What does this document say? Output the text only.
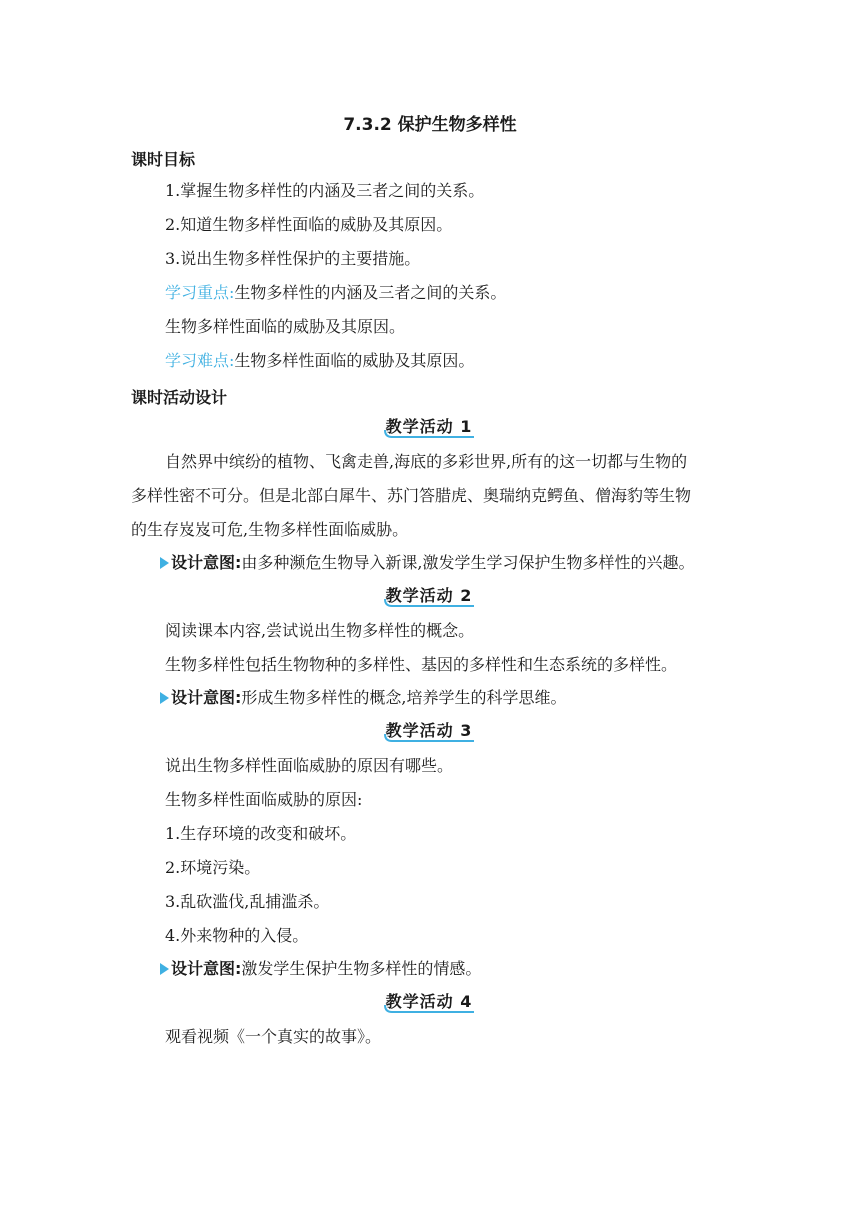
7.3.2 保护生物多样性
课时目标
1.掌握生物多样性的内涵及三者之间的关系。
2.知道生物多样性面临的威胁及其原因。
3.说出生物多样性保护的主要措施。
学习重点:生物多样性的内涵及三者之间的关系。
生物多样性面临的威胁及其原因。
学习难点:生物多样性面临的威胁及其原因。
课时活动设计
教学活动 1
自然界中缤纷的植物、飞禽走兽,海底的多彩世界,所有的这一切都与生物的
多样性密不可分。但是北部白犀牛、苏门答腊虎、奥瑞纳克鳄鱼、僧海豹等生物
的生存岌岌可危,生物多样性面临威胁。
设计意图:由多种濒危生物导入新课,激发学生学习保护生物多样性的兴趣。
教学活动 2
阅读课本内容,尝试说出生物多样性的概念。
生物多样性包括生物物种的多样性、基因的多样性和生态系统的多样性。
设计意图:形成生物多样性的概念,培养学生的科学思维。
教学活动 3
说出生物多样性面临威胁的原因有哪些。
生物多样性面临威胁的原因:
1.生存环境的改变和破坏。
2.环境污染。
3.乱砍滥伐,乱捕滥杀。
4.外来物种的入侵。
设计意图:激发学生保护生物多样性的情感。
教学活动 4
观看视频《一个真实的故事》。
